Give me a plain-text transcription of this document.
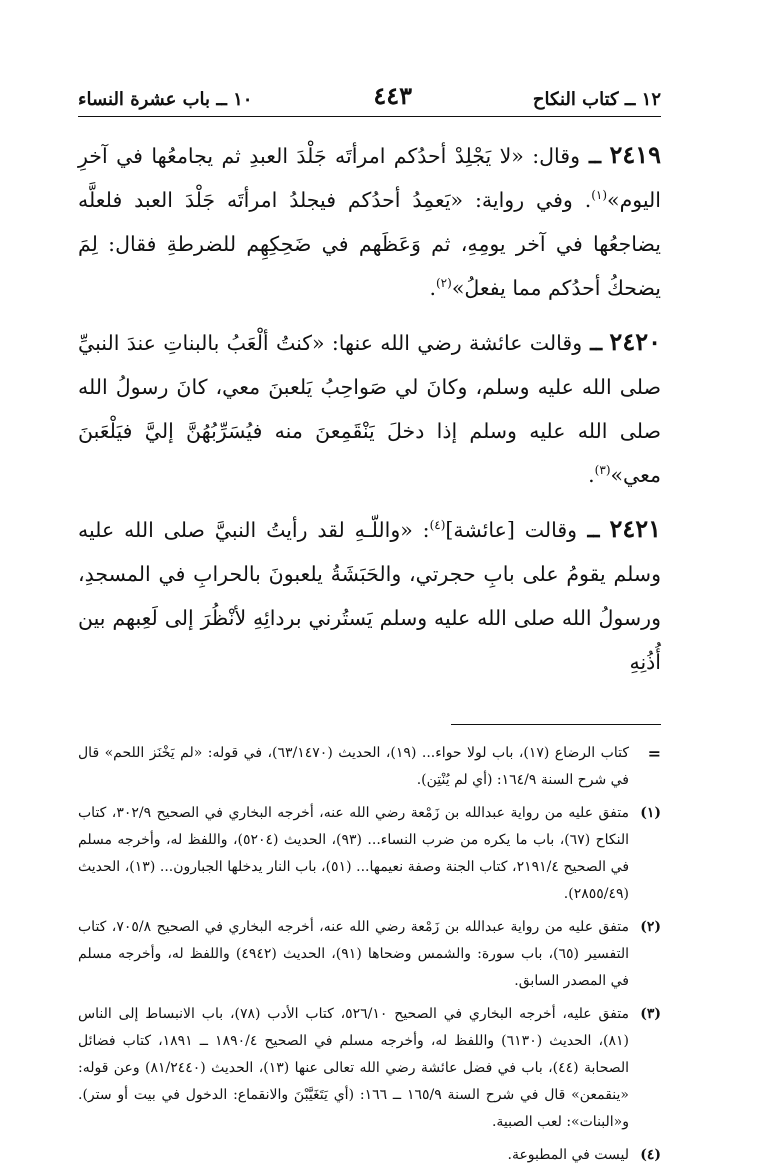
١٢ ــ كتاب النكاح
٤٤٣
١٠ ــ باب عشرة النساء
٢٤١٩ ــ وقال: «لا يَجْلِدْ أحدُكم امرأتَه جَلْدَ العبدِ ثم يجامعُها في آخرِ اليوم»$^{(١)}$. وفي رواية: «يَعمِدُ أحدُكم فيجلدُ امرأتَه جَلْدَ العبد فلعلَّه يضاجعُها في آخر يومِهِ، ثم وَعَظَهم في ضَحِكِهِم للضرطةِ فقال: لِمَ يضحكُ أحدُكم مما يفعلُ»$^{(٢)}$.
٢٤٢٠ ــ وقالت عائشة رضي الله عنها: «كنتُ ألْعَبُ بالبناتِ عندَ النبيِّ صلى الله عليه وسلم، وكانَ لي صَواحِبُ يَلعبنَ معي، كانَ رسولُ الله صلى الله عليه وسلم إذا دخلَ يَنْقَمِعنَ منه فيُسَرِّبُهُنَّ إليَّ فيَلْعَبنَ معي»$^{(٣)}$.
٢٤٢١ ــ وقالت [عائشة]$^{(٤)}$: «واللّـهِ لقد رأيتُ النبيَّ صلى الله عليه وسلم يقومُ على بابِ حجرتي، والحَبَشَةُ يلعبونَ بالحرابِ في المسجدِ، ورسولُ الله صلى الله عليه وسلم يَستُرني بردائِهِ لأنْظُرَ إلى لَعِبهم بين أُذُنِهِ
=
كتاب الرضاع (١٧)، باب لولا حواء... (١٩)، الحديث (٦٣/١٤٧٠)، في قوله: «لم يَخْنَز اللحم» قال في شرح السنة ١٦٤/٩: (أي لم يُنْتِن).
(١)
متفق عليه من رواية عبدالله بن زَمْعة رضي الله عنه، أخرجه البخاري في الصحيح ٣٠٢/٩، كتاب النكاح (٦٧)، باب ما يكره من ضرب النساء... (٩٣)، الحديث (٥٢٠٤)، واللفظ له، وأخرجه مسلم في الصحيح ٢١٩١/٤، كتاب الجنة وصفة نعيمها... (٥١)، باب النار يدخلها الجبارون... (١٣)، الحديث (٢٨٥٥/٤٩).
(٢)
متفق عليه من رواية عبدالله بن زَمْعة رضي الله عنه، أخرجه البخاري في الصحيح ٧٠٥/٨، كتاب التفسير (٦٥)، باب سورة: والشمس وضحاها (٩١)، الحديث (٤٩٤٢) واللفظ له، وأخرجه مسلم في المصدر السابق.
(٣)
متفق عليه، أخرجه البخاري في الصحيح ٥٢٦/١٠، كتاب الأدب (٧٨)، باب الانبساط إلى الناس (٨١)، الحديث (٦١٣٠) واللفظ له، وأخرجه مسلم في الصحيح ١٨٩٠/٤ ــ ١٨٩١، كتاب فضائل الصحابة (٤٤)، باب في فضل عائشة رضي الله تعالى عنها (١٣)، الحديث (٨١/٢٤٤٠) وعن قوله: «ينقمعن» قال في شرح السنة ١٦٥/٩ ــ ١٦٦: (أي يَتَغَيَّبْنَ والانقماع: الدخول في بيت أو ستر). و«البنات»: لعب الصبية.
(٤)
ليست في المطبوعة.
